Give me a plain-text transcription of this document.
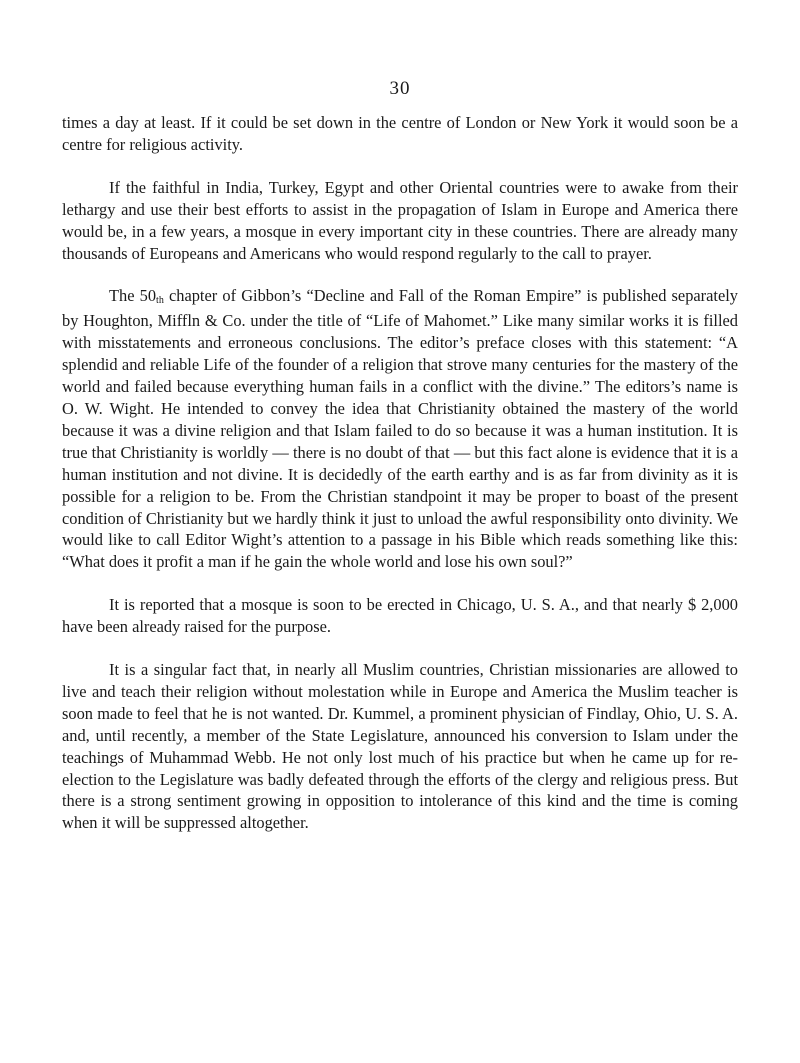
30

times a day at least. If it could be set down in the centre of London or New York it would soon be a centre for religious activity.

If the faithful in India, Turkey, Egypt and other Oriental countries were to awake from their lethargy and use their best efforts to assist in the propagation of Islam in Europe and America there would be, in a few years, a mosque in every important city in these countries. There are already many thousands of Europeans and Americans who would respond regularly to the call to prayer.

The 50th chapter of Gibbon’s “Decline and Fall of the Roman Empire” is published separately by Houghton, Miffln & Co. under the title of “Life of Mahomet.” Like many similar works it is filled with misstatements and erroneous conclusions. The editor’s preface closes with this statement: “A splendid and reliable Life of the founder of a religion that strove many centuries for the mastery of the world and failed because everything human fails in a conflict with the divine.” The editors’s name is O. W. Wight. He intended to convey the idea that Christianity obtained the mastery of the world because it was a divine religion and that Islam failed to do so because it was a human institution. It is true that Christianity is worldly — there is no doubt of that — but this fact alone is evidence that it is a human institution and not divine. It is decidedly of the earth earthy and is as far from divinity as it is possible for a religion to be. From the Christian standpoint it may be proper to boast of the present condition of Christianity but we hardly think it just to unload the awful responsibility onto divinity. We would like to call Editor Wight’s attention to a passage in his Bible which reads something like this: “What does it profit a man if he gain the whole world and lose his own soul?”

It is reported that a mosque is soon to be erected in Chicago, U. S. A., and that nearly $ 2,000 have been already raised for the purpose.

It is a singular fact that, in nearly all Muslim countries, Christian missionaries are allowed to live and teach their religion without molestation while in Europe and America the Muslim teacher is soon made to feel that he is not wanted. Dr. Kummel, a prominent physician of Findlay, Ohio, U. S. A. and, until recently, a member of the State Legislature, announced his conversion to Islam under the teachings of Muhammad Webb. He not only lost much of his practice but when he came up for re-election to the Legislature was badly defeated through the efforts of the clergy and religious press. But there is a strong sentiment growing in opposition to intolerance of this kind and the time is coming when it will be suppressed altogether.
